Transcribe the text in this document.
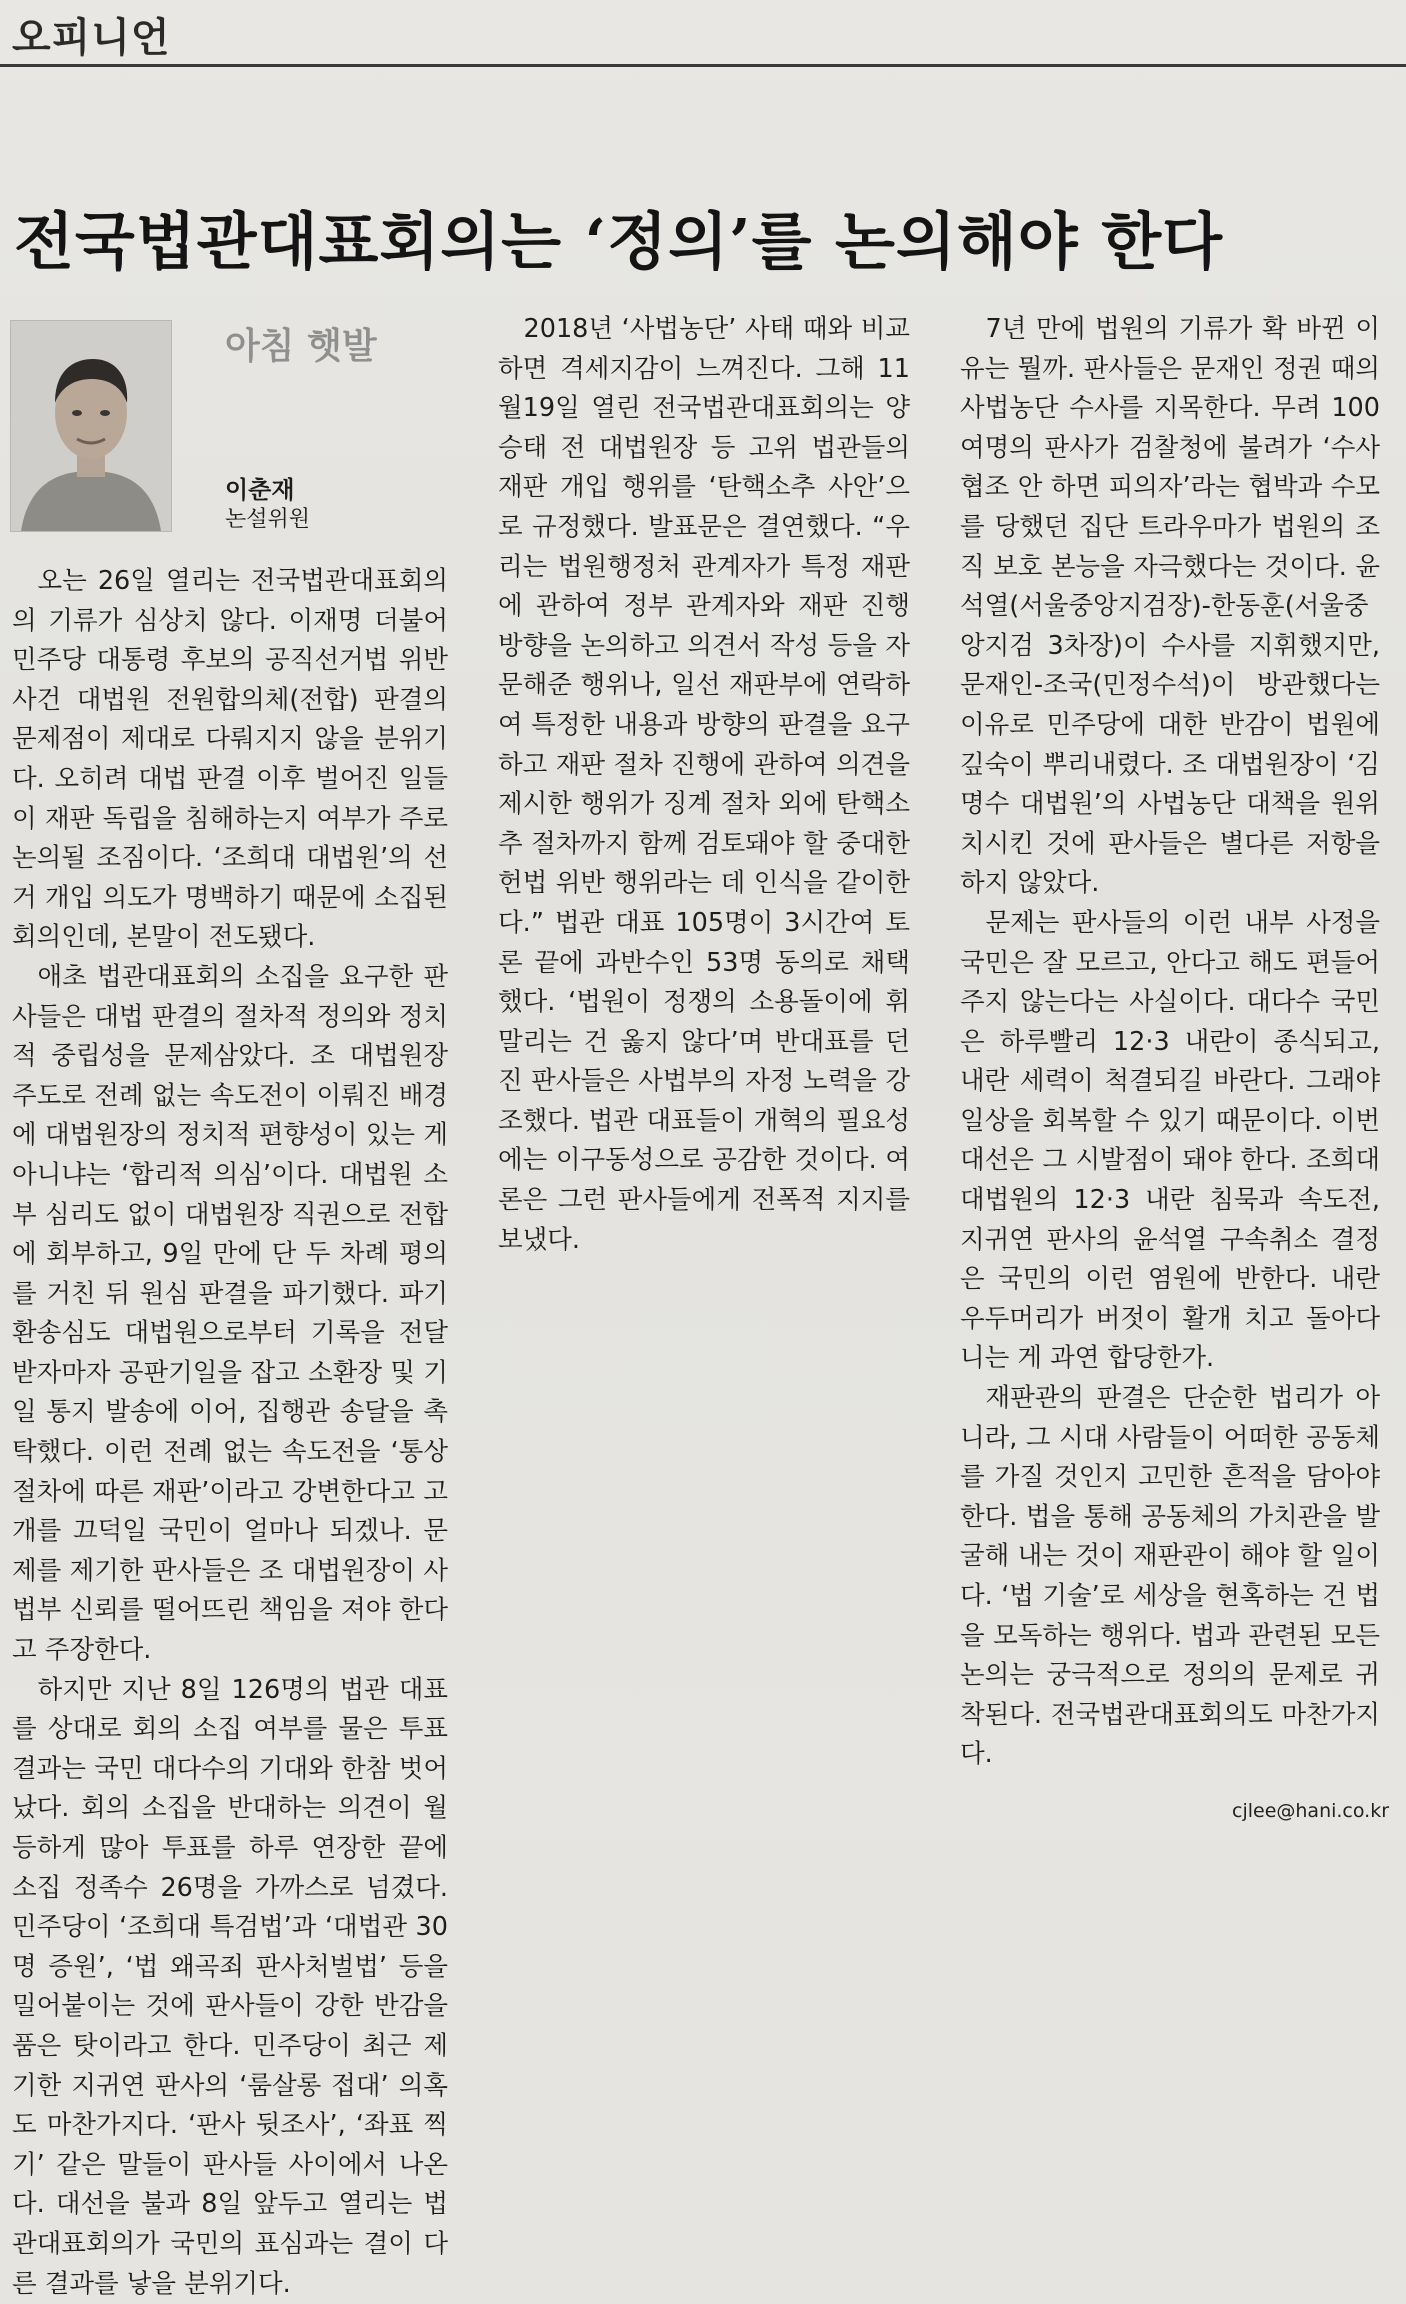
오피니언
전국법관대표회의는 ‘정의’를 논의해야 한다
아침 햇발
이춘재
논설위원

오는 26일 열리는 전국법관대표회의의 기류가 심상치 않다. 이재명 더불어민주당 대통령 후보의 공직선거법 위반 사건 대법원 전원합의체(전합) 판결의 문제점이 제대로 다뤄지지 않을 분위기다. 오히려 대법 판결 이후 벌어진 일들이 재판 독립을 침해하는지 여부가 주로 논의될 조짐이다. ‘조희대 대법원’의 선거 개입 의도가 명백하기 때문에 소집된 회의인데, 본말이 전도됐다.

애초 법관대표회의 소집을 요구한 판사들은 대법 판결의 절차적 정의와 정치적 중립성을 문제삼았다. 조 대법원장 주도로 전례 없는 속도전이 이뤄진 배경에 대법원장의 정치적 편향성이 있는 게 아니냐는 ‘합리적 의심’이다. 대법원 소부 심리도 없이 대법원장 직권으로 전합에 회부하고, 9일 만에 단 두 차례 평의를 거친 뒤 원심 판결을 파기했다. 파기환송심도 대법원으로부터 기록을 전달받자마자 공판기일을 잡고 소환장 및 기일 통지 발송에 이어, 집행관 송달을 촉탁했다. 이런 전례 없는 속도전을 ‘통상 절차에 따른 재판’이라고 강변한다고 고개를 끄덕일 국민이 얼마나 되겠나. 문제를 제기한 판사들은 조 대법원장이 사법부 신뢰를 떨어뜨린 책임을 져야 한다고 주장한다.

하지만 지난 8일 126명의 법관 대표를 상대로 회의 소집 여부를 물은 투표 결과는 국민 대다수의 기대와 한참 벗어났다. 회의 소집을 반대하는 의견이 월등하게 많아 투표를 하루 연장한 끝에 소집 정족수 26명을 가까스로 넘겼다. 민주당이 ‘조희대 특검법’과 ‘대법관 30명 증원’, ‘법 왜곡죄 판사처벌법’ 등을 밀어붙이는 것에 판사들이 강한 반감을 품은 탓이라고 한다. 민주당이 최근 제기한 지귀연 판사의 ‘룸살롱 접대’ 의혹도 마찬가지다. ‘판사 뒷조사’, ‘좌표 찍기’ 같은 말들이 판사들 사이에서 나온다. 대선을 불과 8일 앞두고 열리는 법관대표회의가 국민의 표심과는 결이 다른 결과를 낳을 분위기다.

2018년 ‘사법농단’ 사태 때와 비교하면 격세지감이 느껴진다. 그해 11월19일 열린 전국법관대표회의는 양승태 전 대법원장 등 고위 법관들의 재판 개입 행위를 ‘탄핵소추 사안’으로 규정했다. 발표문은 결연했다. “우리는 법원행정처 관계자가 특정 재판에 관하여 정부 관계자와 재판 진행 방향을 논의하고 의견서 작성 등을 자문해준 행위나, 일선 재판부에 연락하여 특정한 내용과 방향의 판결을 요구하고 재판 절차 진행에 관하여 의견을 제시한 행위가 징계 절차 외에 탄핵소추 절차까지 함께 검토돼야 할 중대한 헌법 위반 행위라는 데 인식을 같이한다.” 법관 대표 105명이 3시간여 토론 끝에 과반수인 53명 동의로 채택했다. ‘법원이 정쟁의 소용돌이에 휘말리는 건 옳지 않다’며 반대표를 던진 판사들은 사법부의 자정 노력을 강조했다. 법관 대표들이 개혁의 필요성에는 이구동성으로 공감한 것이다. 여론은 그런 판사들에게 전폭적 지지를 보냈다.

7년 만에 법원의 기류가 확 바뀐 이유는 뭘까. 판사들은 문재인 정권 때의 사법농단 수사를 지목한다. 무려 100여명의 판사가 검찰청에 불려가 ‘수사협조 안 하면 피의자’라는 협박과 수모를 당했던 집단 트라우마가 법원의 조직 보호 본능을 자극했다는 것이다. 윤석열(서울중앙지검장)-한동훈(서울중앙지검 3차장)이 수사를 지휘했지만, 문재인-조국(민정수석)이 방관했다는 이유로 민주당에 대한 반감이 법원에 깊숙이 뿌리내렸다. 조 대법원장이 ‘김명수 대법원’의 사법농단 대책을 원위치시킨 것에 판사들은 별다른 저항을 하지 않았다.

문제는 판사들의 이런 내부 사정을 국민은 잘 모르고, 안다고 해도 편들어주지 않는다는 사실이다. 대다수 국민은 하루빨리 12·3 내란이 종식되고, 내란 세력이 척결되길 바란다. 그래야 일상을 회복할 수 있기 때문이다. 이번 대선은 그 시발점이 돼야 한다. 조희대 대법원의 12·3 내란 침묵과 속도전, 지귀연 판사의 윤석열 구속취소 결정은 국민의 이런 염원에 반한다. 내란 우두머리가 버젓이 활개 치고 돌아다니는 게 과연 합당한가.

재판관의 판결은 단순한 법리가 아니라, 그 시대 사람들이 어떠한 공동체를 가질 것인지 고민한 흔적을 담아야 한다. 법을 통해 공동체의 가치관을 발굴해 내는 것이 재판관이 해야 할 일이다. ‘법 기술’로 세상을 현혹하는 건 법을 모독하는 행위다. 법과 관련된 모든 논의는 궁극적으로 정의의 문제로 귀착된다. 전국법관대표회의도 마찬가지다.

cjlee@hani.co.kr
